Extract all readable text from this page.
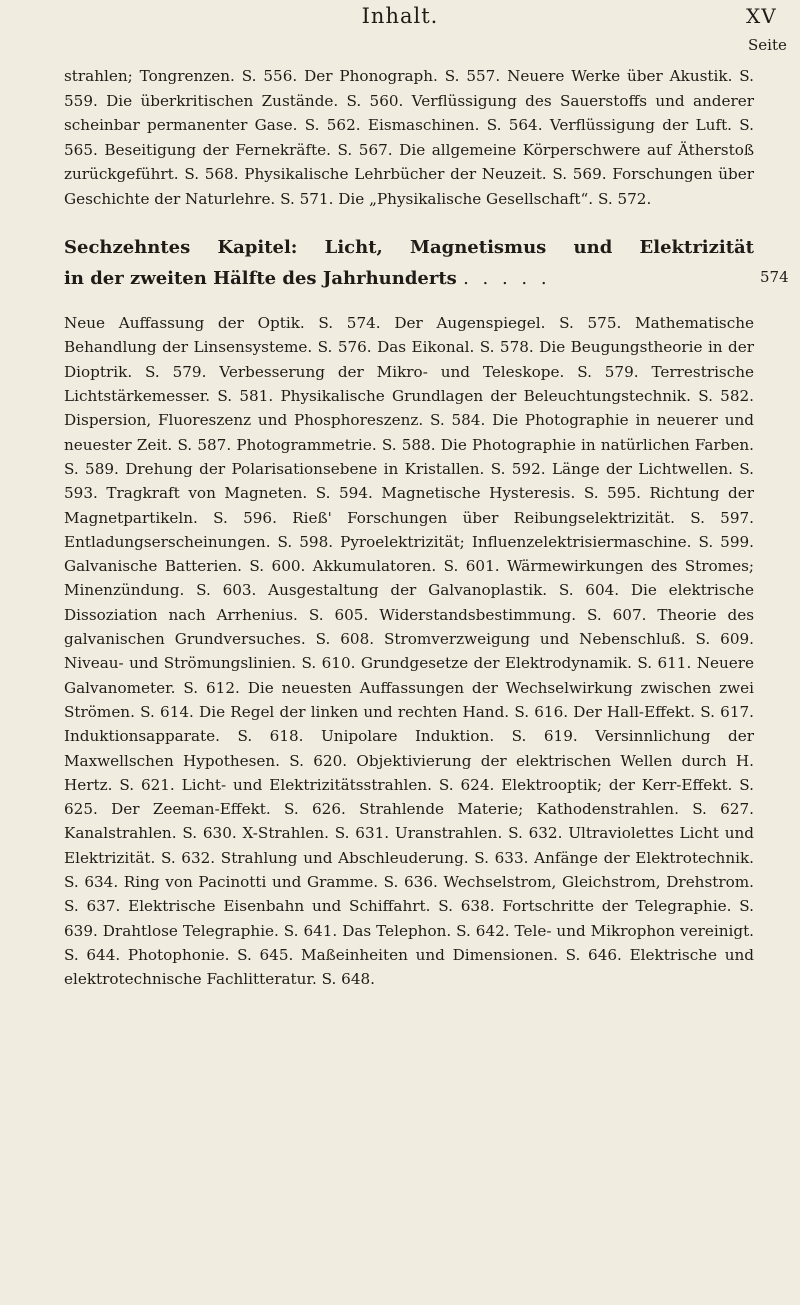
Inhalt.	XV
Seite

strahlen; Tongrenzen. S. 556. Der Phonograph. S. 557. Neuere Werke über Akustik. S. 559. Die überkritischen Zustände. S. 560. Verflüssigung des Sauerstoffs und anderer scheinbar permanenter Gase. S. 562. Eismaschinen. S. 564. Verflüssigung der Luft. S. 565. Beseitigung der Fernekräfte. S. 567. Die allgemeine Körperschwere auf Ätherstoß zurückgeführt. S. 568. Physikalische Lehrbücher der Neuzeit. S. 569. Forschungen über Geschichte der Naturlehre. S. 571. Die „Physikalische Gesellschaft“. S. 572.

Sechzehntes Kapitel: Licht, Magnetismus und Elektrizität
in der zweiten Hälfte des Jahrhunderts . . . . .	574

Neue Auffassung der Optik. S. 574. Der Augenspiegel. S. 575. Mathematische Behandlung der Linsensysteme. S. 576. Das Eikonal. S. 578. Die Beugungstheorie in der Dioptrik. S. 579. Verbesserung der Mikro- und Teleskope. S. 579. Terrestrische Lichtstärkemesser. S. 581. Physikalische Grundlagen der Beleuchtungstechnik. S. 582. Dispersion, Fluoreszenz und Phosphoreszenz. S. 584. Die Photographie in neuerer und neuester Zeit. S. 587. Photogrammetrie. S. 588. Die Photographie in natürlichen Farben. S. 589. Drehung der Polarisationsebene in Kristallen. S. 592. Länge der Lichtwellen. S. 593. Tragkraft von Magneten. S. 594. Magnetische Hysteresis. S. 595. Richtung der Magnetpartikeln. S. 596. Rieß' Forschungen über Reibungselektrizität. S. 597. Entladungserscheinungen. S. 598. Pyroelektrizität; Influenzelektrisiermaschine. S. 599. Galvanische Batterien. S. 600. Akkumulatoren. S. 601. Wärmewirkungen des Stromes; Minenzündung. S. 603. Ausgestaltung der Galvanoplastik. S. 604. Die elektrische Dissoziation nach Arrhenius. S. 605. Widerstandsbestimmung. S. 607. Theorie des galvanischen Grundversuches. S. 608. Stromverzweigung und Nebenschluß. S. 609. Niveau- und Strömungslinien. S. 610. Grundgesetze der Elektrodynamik. S. 611. Neuere Galvanometer. S. 612. Die neuesten Auffassungen der Wechselwirkung zwischen zwei Strömen. S. 614. Die Regel der linken und rechten Hand. S. 616. Der Hall-Effekt. S. 617. Induktionsapparate. S. 618. Unipolare Induktion. S. 619. Versinnlichung der Maxwellschen Hypothesen. S. 620. Objektivierung der elektrischen Wellen durch H. Hertz. S. 621. Licht- und Elektrizitätsstrahlen. S. 624. Elektrooptik; der Kerr-Effekt. S. 625. Der Zeeman-Effekt. S. 626. Strahlende Materie; Kathodenstrahlen. S. 627. Kanalstrahlen. S. 630. X-Strahlen. S. 631. Uranstrahlen. S. 632. Ultraviolettes Licht und Elektrizität. S. 632. Strahlung und Abschleuderung. S. 633. Anfänge der Elektrotechnik. S. 634. Ring von Pacinotti und Gramme. S. 636. Wechselstrom, Gleichstrom, Drehstrom. S. 637. Elektrische Eisenbahn und Schiffahrt. S. 638. Fortschritte der Telegraphie. S. 639. Drahtlose Telegraphie. S. 641. Das Telephon. S. 642. Tele- und Mikrophon vereinigt. S. 644. Photophonie. S. 645. Maßeinheiten und Dimensionen. S. 646. Elektrische und elektrotechnische Fachlitteratur. S. 648.
